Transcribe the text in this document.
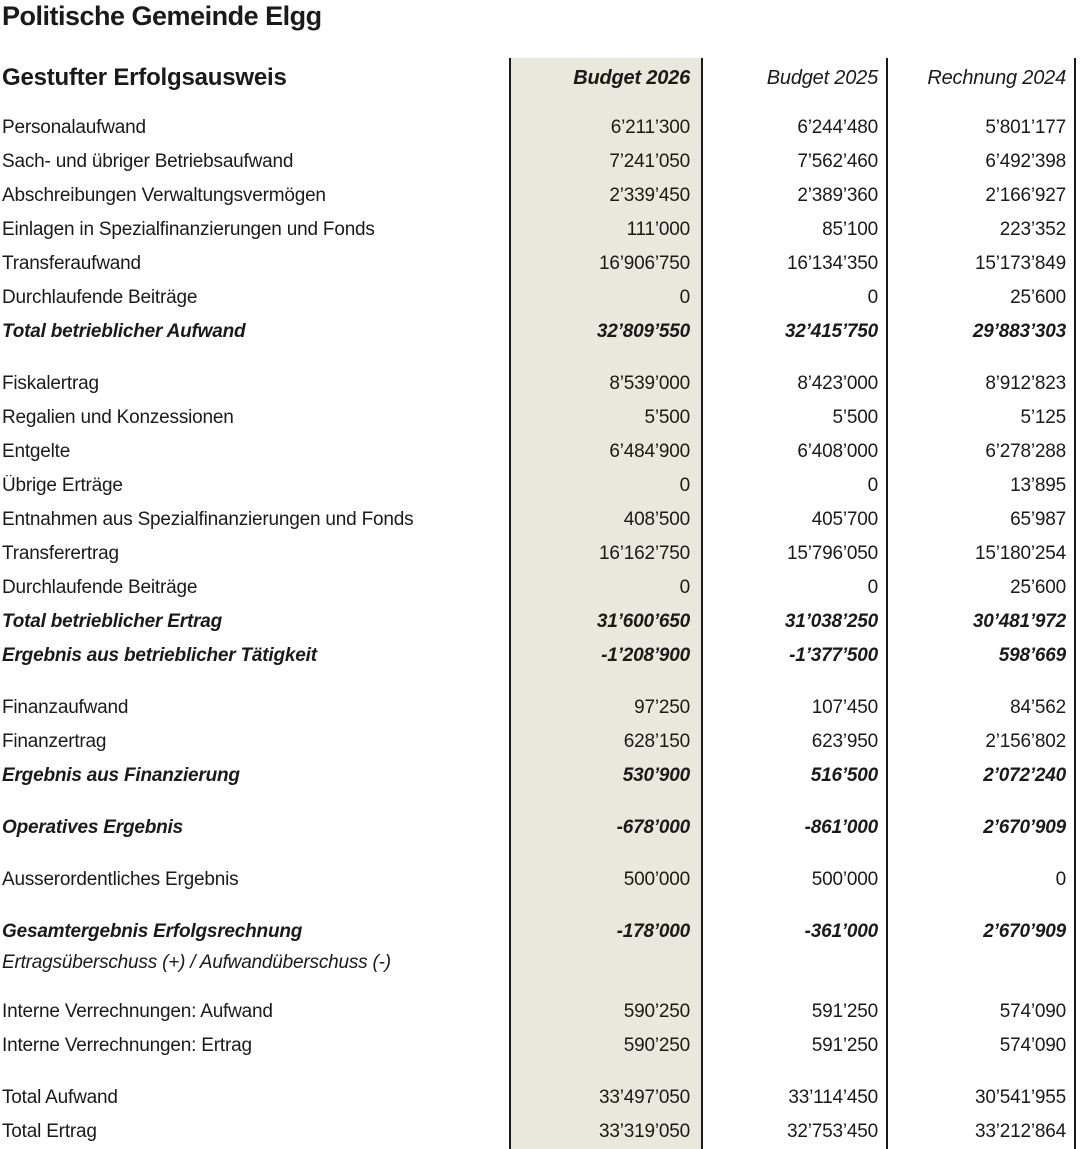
Politische Gemeinde Elgg
Gestufter Erfolgsausweis	Budget 2026	Budget 2025	Rechnung 2024
Personalaufwand	6’211’300	6’244’480	5’801’177
Sach- und übriger Betriebsaufwand	7’241’050	7’562’460	6’492’398
Abschreibungen Verwaltungsvermögen	2’339’450	2’389’360	2’166’927
Einlagen in Spezialfinanzierungen und Fonds	111’000	85’100	223’352
Transferaufwand	16’906’750	16’134’350	15’173’849
Durchlaufende Beiträge	0	0	25’600
Total betrieblicher Aufwand	32’809’550	32’415’750	29’883’303
Fiskalertrag	8’539’000	8’423’000	8’912’823
Regalien und Konzessionen	5’500	5’500	5’125
Entgelte	6’484’900	6’408’000	6’278’288
Übrige Erträge	0	0	13’895
Entnahmen aus Spezialfinanzierungen und Fonds	408’500	405’700	65’987
Transferertrag	16’162’750	15’796’050	15’180’254
Durchlaufende Beiträge	0	0	25’600
Total betrieblicher Ertrag	31’600’650	31’038’250	30’481’972
Ergebnis aus betrieblicher Tätigkeit	-1’208’900	-1’377’500	598’669
Finanzaufwand	97’250	107’450	84’562
Finanzertrag	628’150	623’950	2’156’802
Ergebnis aus Finanzierung	530’900	516’500	2’072’240
Operatives Ergebnis	-678’000	-861’000	2’670’909
Ausserordentliches Ergebnis	500’000	500’000	0
Gesamtergebnis Erfolgsrechnung	-178’000	-361’000	2’670’909
Ertragsüberschuss (+) / Aufwandüberschuss (-)
Interne Verrechnungen: Aufwand	590’250	591’250	574’090
Interne Verrechnungen: Ertrag	590’250	591’250	574’090
Total Aufwand	33’497’050	33’114’450	30’541’955
Total Ertrag	33’319’050	32’753’450	33’212’864
